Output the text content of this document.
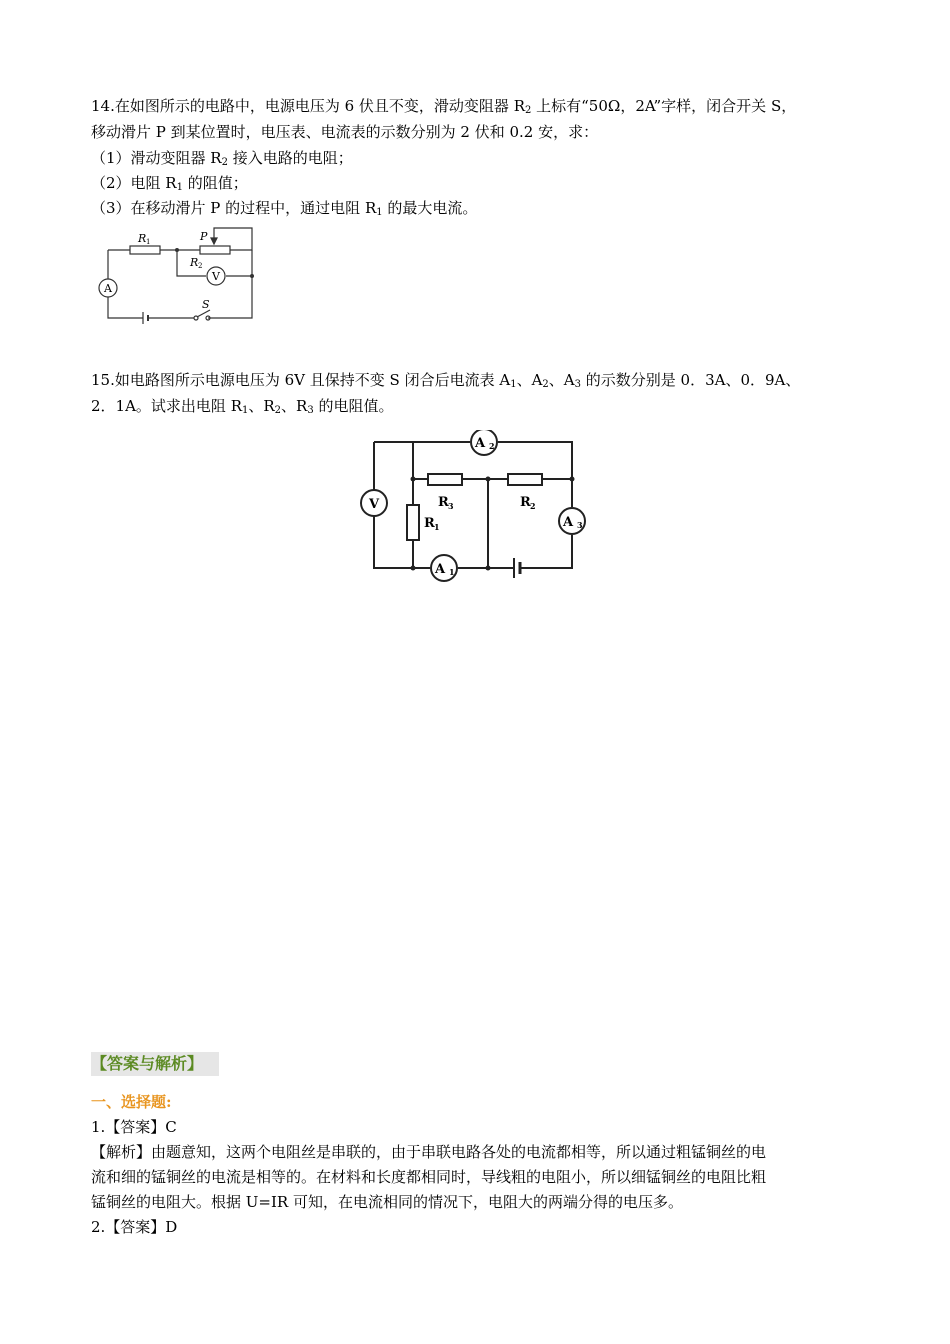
14.在如图所示的电路中，电源电压为 6 伏且不变，滑动变阻器 $R_2$ 上标有“50Ω，2A”字样，闭合开关 S，
移动滑片 P 到某位置时，电压表、电流表的示数分别为 2 伏和 0.2 安，求：
（1）滑动变阻器 $R_2$ 接入电路的电阻；
（2）电阻 $R_1$ 的阻值；
（3）在移动滑片 P 的过程中，通过电阻 $R_1$ 的最大电流。
A
V
R 1	P
R 2
S
15.如电路图所示电源电压为 6V 且保持不变 S 闭合后电流表 $A_1$、$A_2$、$A_3$ 的示数分别是 0．3A、0．9A、
2．1A。试求出电阻 $R_1$、$R_2$、$R_3$ 的电阻值。
A 2
A 3
A 1
V	R 3	R 2
R 1
【答案与解析】
一、选择题:
1.【答案】C
【解析】由题意知，这两个电阻丝是串联的，由于串联电路各处的电流都相等，所以通过粗锰铜丝的电
流和细的锰铜丝的电流是相等的。在材料和长度都相同时，导线粗的电阻小，所以细锰铜丝的电阻比粗
锰铜丝的电阻大。根据 U=IR 可知，在电流相同的情况下，电阻大的两端分得的电压多。
2.【答案】D
